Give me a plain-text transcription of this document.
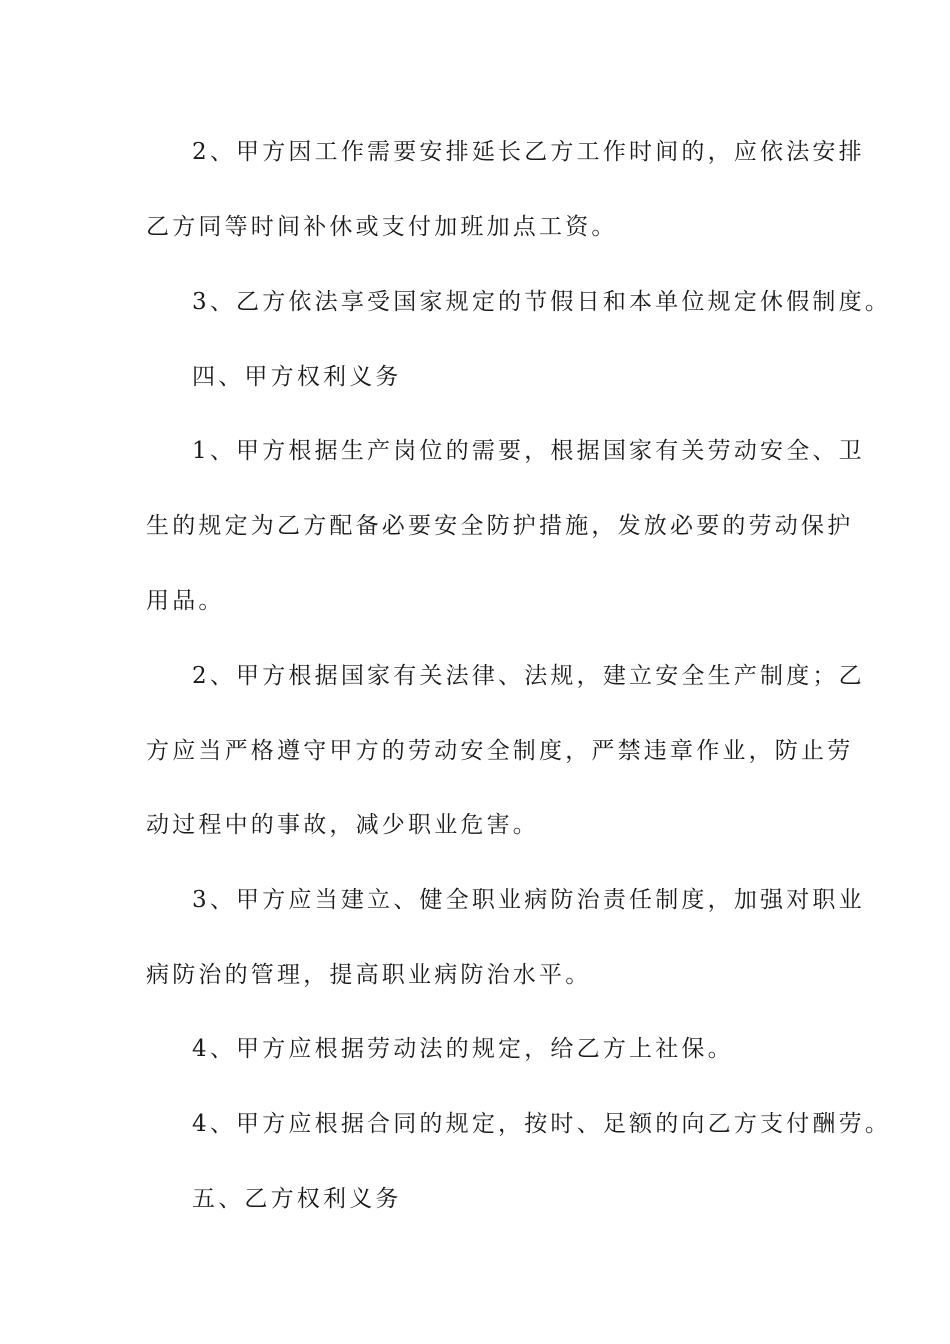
2、甲方因工作需要安排延长乙方工作时间的，应依法安排
乙方同等时间补休或支付加班加点工资。
3、乙方依法享受国家规定的节假日和本单位规定休假制度。
四、甲方权利义务
1、甲方根据生产岗位的需要，根据国家有关劳动安全、卫
生的规定为乙方配备必要安全防护措施，发放必要的劳动保护
用品。
2、甲方根据国家有关法律、法规，建立安全生产制度；乙
方应当严格遵守甲方的劳动安全制度，严禁违章作业，防止劳
动过程中的事故，减少职业危害。
3、甲方应当建立、健全职业病防治责任制度，加强对职业
病防治的管理，提高职业病防治水平。
4、甲方应根据劳动法的规定，给乙方上社保。
4、甲方应根据合同的规定，按时、足额的向乙方支付酬劳。
五、乙方权利义务
